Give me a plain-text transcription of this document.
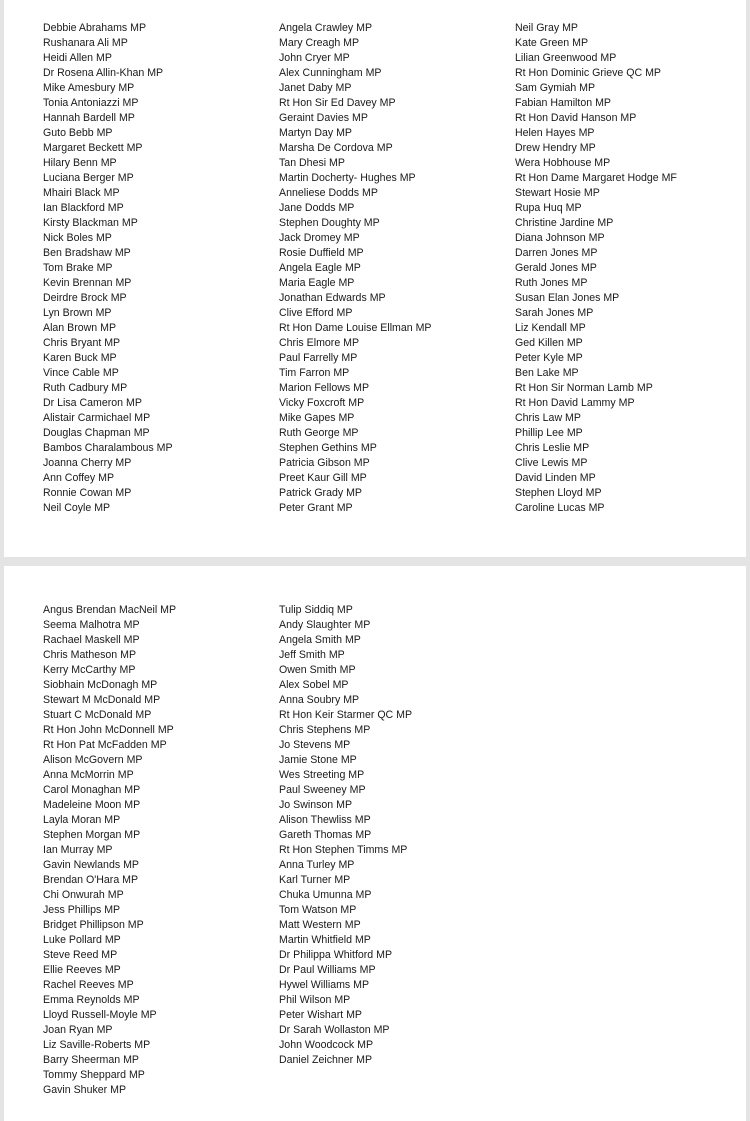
Debbie Abrahams MP
Rushanara Ali MP
Heidi Allen MP
Dr Rosena Allin-Khan MP
Mike Amesbury MP
Tonia Antoniazzi MP
Hannah Bardell MP
Guto Bebb MP
Margaret Beckett MP
Hilary Benn MP
Luciana Berger MP
Mhairi Black MP
Ian Blackford MP
Kirsty Blackman MP
Nick Boles MP
Ben Bradshaw MP
Tom Brake MP
Kevin Brennan MP
Deirdre Brock MP
Lyn Brown MP
Alan Brown MP
Chris Bryant MP
Karen Buck MP
Vince Cable MP
Ruth Cadbury MP
Dr Lisa Cameron MP
Alistair Carmichael MP
Douglas Chapman MP
Bambos Charalambous MP
Joanna Cherry MP
Ann Coffey MP
Ronnie Cowan MP
Neil Coyle MP
Angela Crawley MP
Mary Creagh MP
John Cryer MP
Alex Cunningham MP
Janet Daby MP
Rt Hon Sir Ed Davey MP
Geraint Davies MP
Martyn Day MP
Marsha De Cordova MP
Tan Dhesi MP
Martin Docherty- Hughes MP
Anneliese Dodds MP
Jane Dodds MP
Stephen Doughty MP
Jack Dromey MP
Rosie Duffield MP
Angela Eagle MP
Maria Eagle MP
Jonathan Edwards MP
Clive Efford MP
Rt Hon Dame Louise Ellman MP
Chris Elmore MP
Paul Farrelly MP
Tim Farron MP
Marion Fellows MP
Vicky Foxcroft MP
Mike Gapes MP
Ruth George MP
Stephen Gethins MP
Patricia Gibson MP
Preet Kaur Gill MP
Patrick Grady MP
Peter Grant MP
Neil Gray MP
Kate Green MP
Lilian Greenwood MP
Rt Hon Dominic Grieve QC MP
Sam Gymiah MP
Fabian Hamilton MP
Rt Hon David Hanson MP
Helen Hayes MP
Drew Hendry MP
Wera Hobhouse MP
Rt Hon Dame Margaret Hodge MF
Stewart Hosie MP
Rupa Huq MP
Christine Jardine MP
Diana Johnson MP
Darren Jones MP
Gerald Jones MP
Ruth Jones MP
Susan Elan Jones MP
Sarah Jones MP
Liz Kendall MP
Ged Killen MP
Peter Kyle MP
Ben Lake MP
Rt Hon Sir Norman Lamb MP
Rt Hon David Lammy MP
Chris Law MP
Phillip Lee MP
Chris Leslie MP
Clive Lewis MP
David Linden MP
Stephen Lloyd MP
Caroline Lucas MP
Angus Brendan MacNeil MP
Seema Malhotra MP
Rachael Maskell MP
Chris Matheson MP
Kerry McCarthy MP
Siobhain McDonagh MP
Stewart M McDonald MP
Stuart C McDonald MP
Rt Hon John McDonnell MP
Rt Hon Pat McFadden MP
Alison McGovern MP
Anna McMorrin MP
Carol Monaghan MP
Madeleine Moon MP
Layla Moran MP
Stephen Morgan MP
Ian Murray MP
Gavin Newlands MP
Brendan O'Hara MP
Chi Onwurah MP
Jess Phillips MP
Bridget Phillipson MP
Luke Pollard MP
Steve Reed MP
Ellie Reeves MP
Rachel Reeves MP
Emma Reynolds MP
Lloyd Russell-Moyle MP
Joan Ryan MP
Liz Saville-Roberts MP
Barry Sheerman MP
Tommy Sheppard MP
Gavin Shuker MP
Tulip Siddiq MP
Andy Slaughter MP
Angela Smith MP
Jeff Smith MP
Owen Smith MP
Alex Sobel MP
Anna Soubry MP
Rt Hon Keir Starmer QC MP
Chris Stephens MP
Jo Stevens MP
Jamie Stone MP
Wes Streeting MP
Paul Sweeney MP
Jo Swinson MP
Alison Thewliss MP
Gareth Thomas MP
Rt Hon Stephen Timms MP
Anna Turley MP
Karl Turner MP
Chuka Umunna MP
Tom Watson MP
Matt Western MP
Martin Whitfield MP
Dr Philippa Whitford MP
Dr Paul Williams MP
Hywel Williams MP
Phil Wilson MP
Peter Wishart MP
Dr Sarah Wollaston MP
John Woodcock MP
Daniel Zeichner MP
